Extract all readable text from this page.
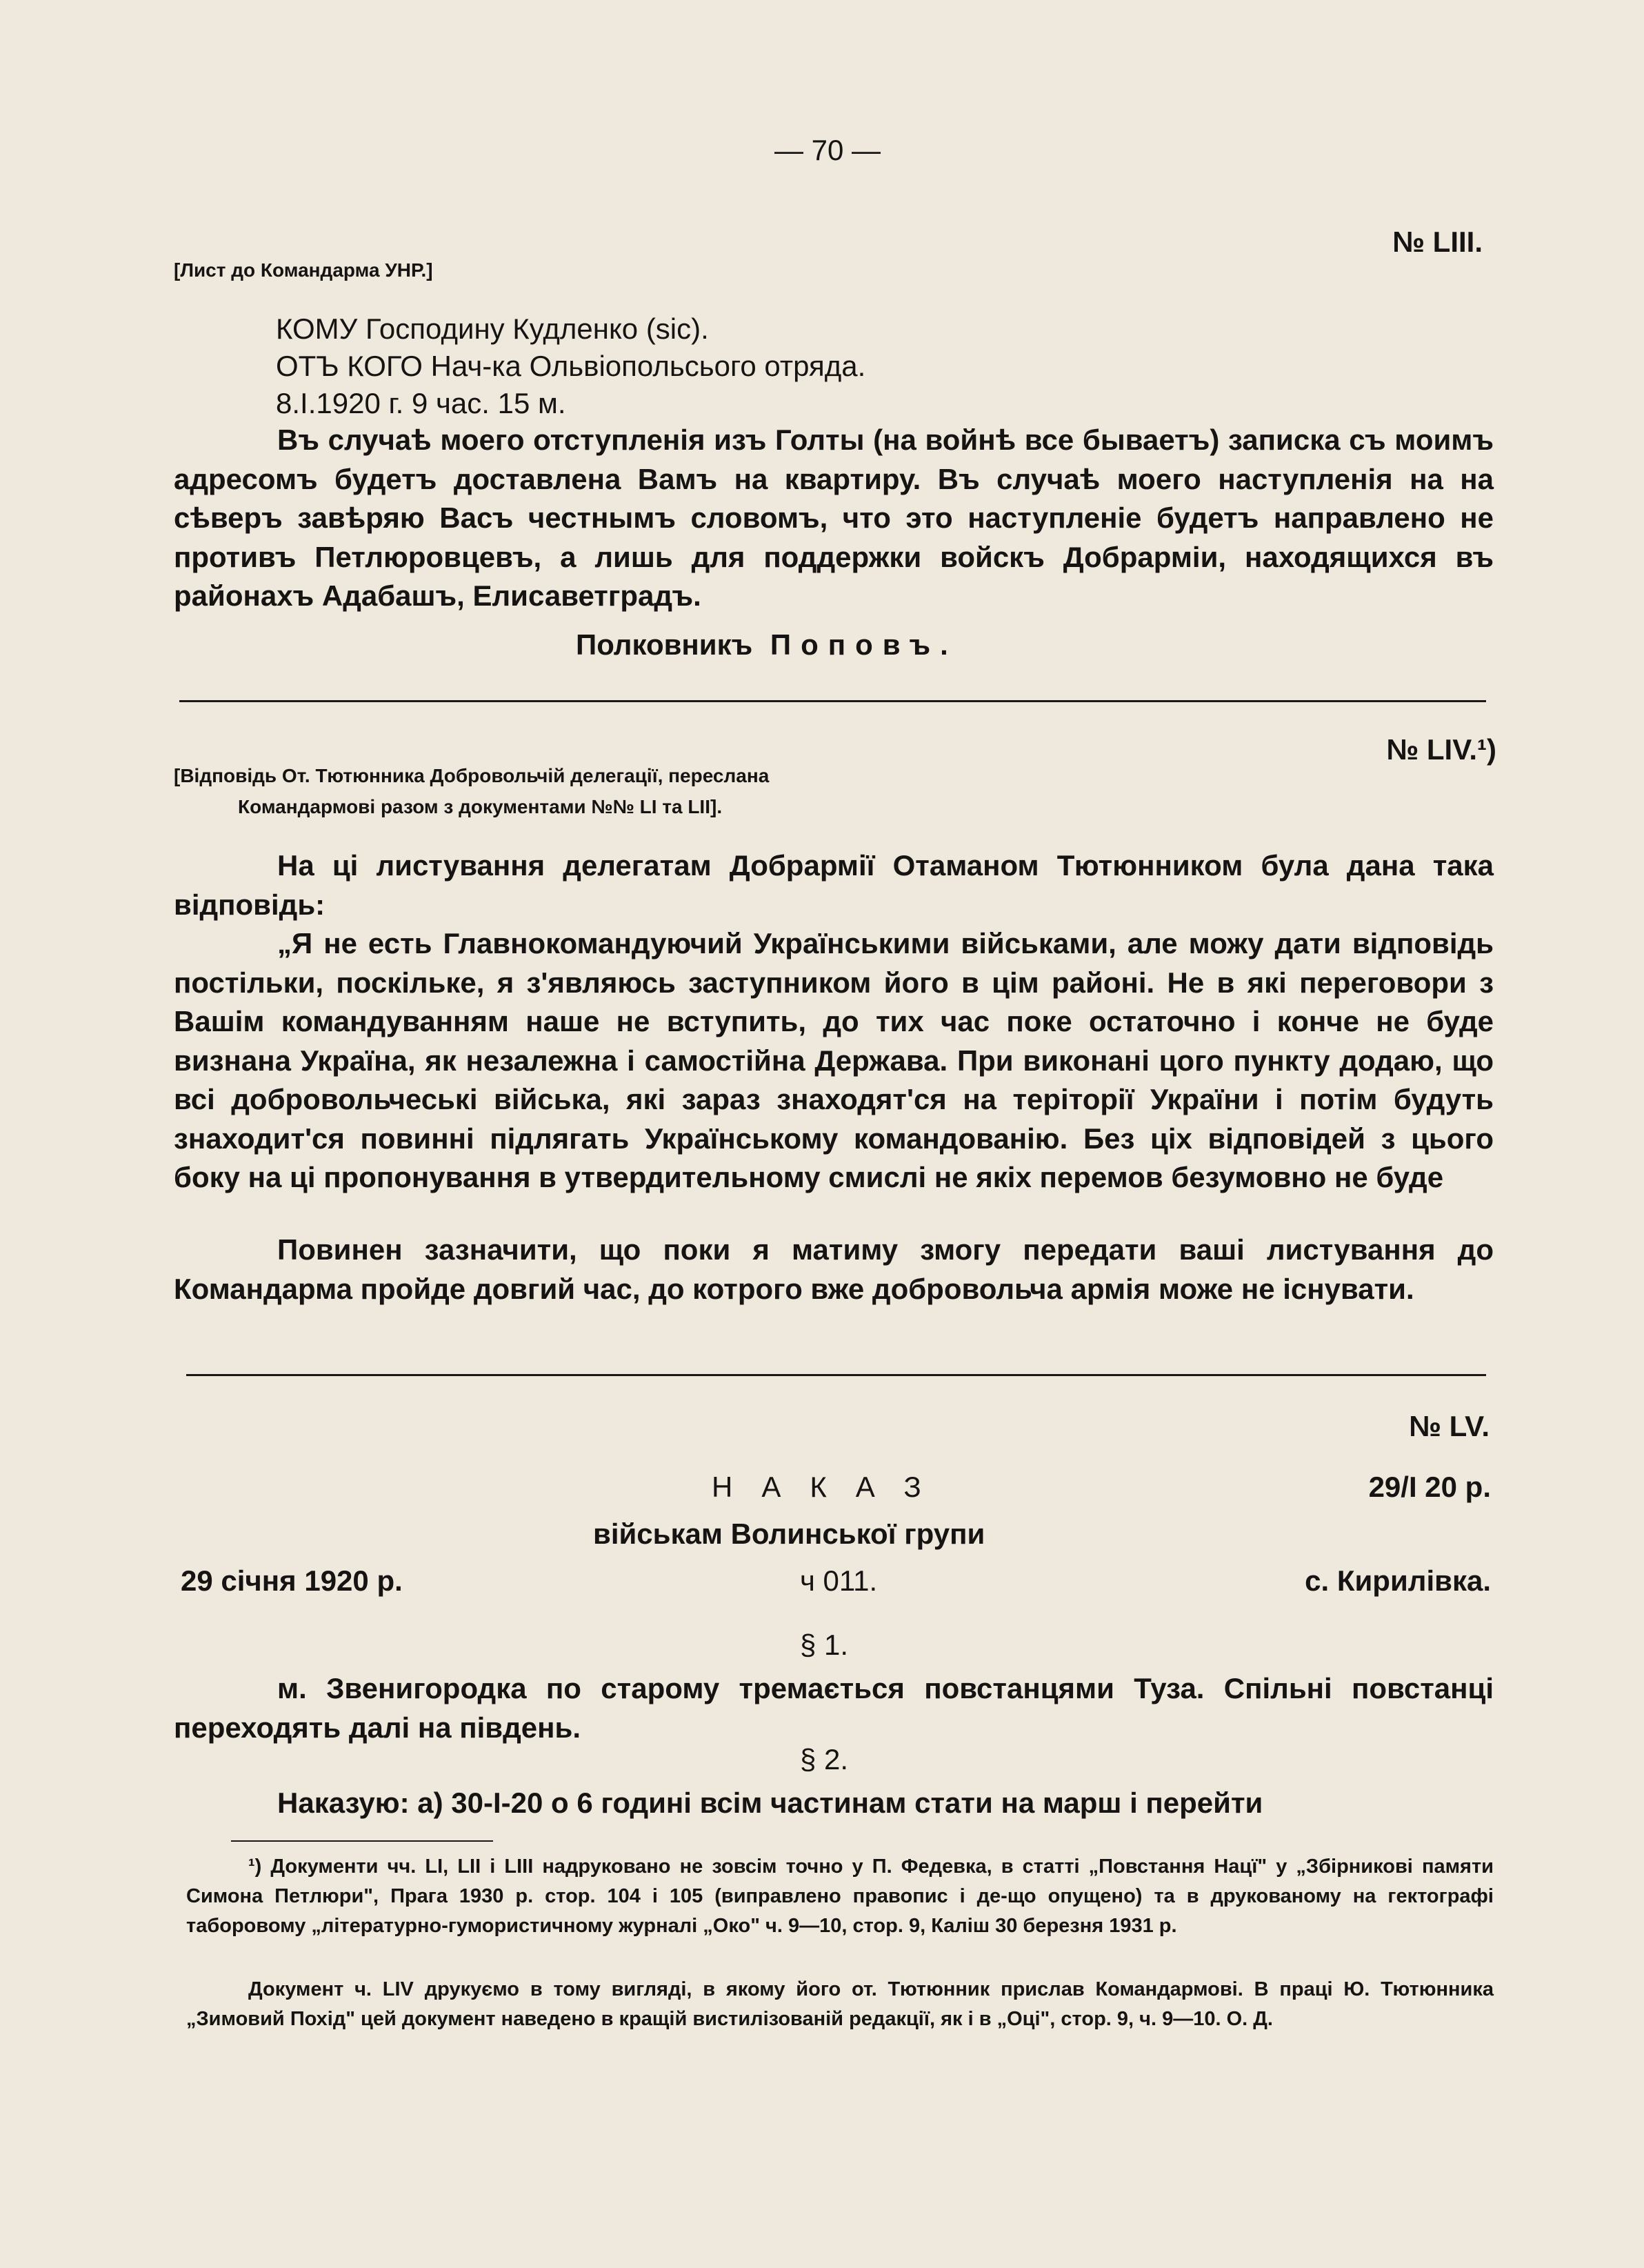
— 70 —
№ LIII.
[Лист до Командарма УНР.]
КОМУ Господину Кудленко (sic).
ОТЪ КОГО Нач-ка Ольвіопольсього отряда.
8.I.1920 г. 9 час. 15 м.

Въ случаѣ моего отступленія изъ Голты (на войнѣ все бываетъ) записка съ моимъ адресомъ будетъ доставлена Вамъ на квартиру. Въ случаѣ моего наступленія на на сѣверъ завѣряю Васъ честнымъ словомъ, что это наступленіе будетъ направлено не противъ Петлюровцевъ, а лишь для поддержки войскъ Добрарміи, находящихся въ районахъ Адабашъ, Елисаветградъ.

Полковникъ Поповъ.
№ LIV.¹)
[Відповідь От. Тютюнника Добровольчій делегації, переслана
Командармові разом з документами №№ LI та LII].

На ці листування делегатам Добрармії Отаманом Тютюнником була дана така відповідь:

„Я не есть Главнокомандуючий Українськими військами, але можу дати відповідь постільки, поскільке, я з'являюсь заступником його в цім районі. Не в які переговори з Вашім командуванням наше не вступить, до тих час поке остаточно і конче не буде визнана Україна, як незалежна і самостійна Держава. При виконані цого пункту додаю, що всі добровольчеські війська, які зараз знаходят'ся на теріторії України і потім будуть знаходит'ся повинні підлягать Українському командованію. Без ціх відповідей з цього боку на ці пропонування в утвердительному смислі не якіх перемов безумовно не буде

Повинен зазначити, що поки я матиму змогу передати ваші листування до Командарма пройде довгий час, до котрого вже добровольча армія може не існувати.

№ LV.
НАКАЗ	29/I 20 р.
військам Волинської групи
29 січня 1920 р.	ч 011.	с. Кирилівка.
§ 1.

м. Звенигородка по старому тремається повстанцями Туза. Спільні повстанці переходять далі на південь.

§ 2.

Наказую: а) 30-І-20 о 6 годині всім частинам стати на марш і перейти

¹) Документи чч. LI, LII і LIII надруковано не зовсім точно у П. Федевка, в статті „Повстання Нацї" у „Збірникові памяти Симона Петлюри", Прага 1930 р. стор. 104 і 105 (виправлено правопис і де-що опущено) та в друкованому на гектографі таборовому „літературно-гумористичному журналі „Око" ч. 9—10, стор. 9, Каліш 30 березня 1931 р.

Документ ч. LIV друкуємо в тому вигляді, в якому його от. Тютюнник прислав Командармові. В праці Ю. Тютюнника „Зимовий Похід" цей документ наведено в кращій вистилізованій редакції, як і в „Оці", стор. 9, ч. 9—10. О. Д.
